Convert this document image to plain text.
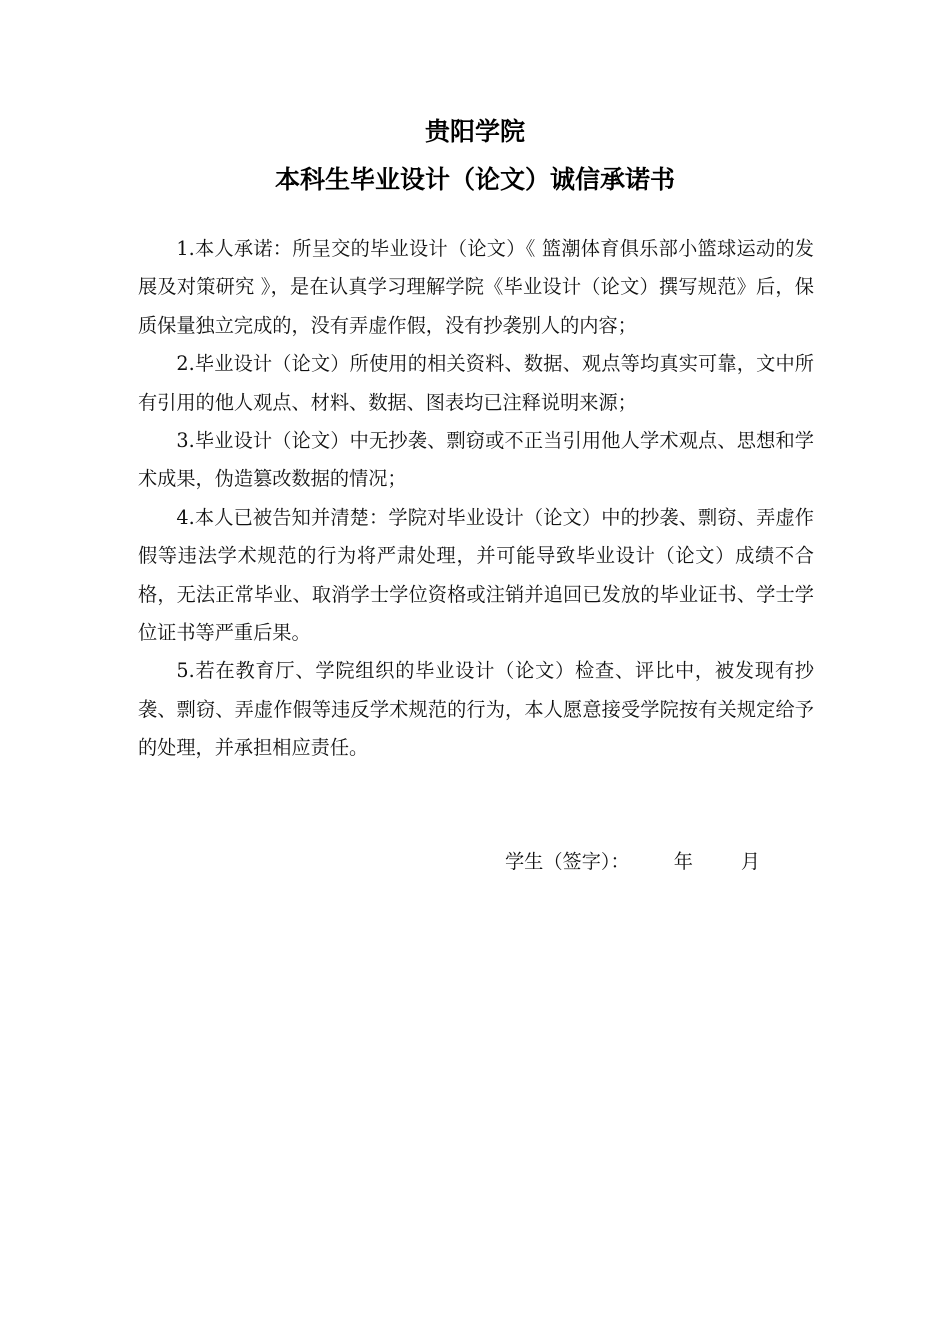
贵阳学院
本科生毕业设计（论文）诚信承诺书

1.本人承诺：所呈交的毕业设计（论文）《 篮潮体育俱乐部小篮球运动的发展及对策研究 》，是在认真学习理解学院《毕业设计（论文）撰写规范》后，保质保量独立完成的，没有弄虚作假，没有抄袭别人的内容；

2.毕业设计（论文）所使用的相关资料、数据、观点等均真实可靠，文中所有引用的他人观点、材料、数据、图表均已注释说明来源；

3.毕业设计（论文）中无抄袭、剽窃或不正当引用他人学术观点、思想和学术成果，伪造篡改数据的情况；

4.本人已被告知并清楚：学院对毕业设计（论文）中的抄袭、剽窃、弄虚作假等违法学术规范的行为将严肃处理，并可能导致毕业设计（论文）成绩不合格，无法正常毕业、取消学士学位资格或注销并追回已发放的毕业证书、学士学位证书等严重后果。

5.若在教育厅、学院组织的毕业设计（论文）检查、评比中，被发现有抄袭、剽窃、弄虚作假等违反学术规范的行为，本人愿意接受学院按有关规定给予的处理，并承担相应责任。

学生（签字）： 年	月
